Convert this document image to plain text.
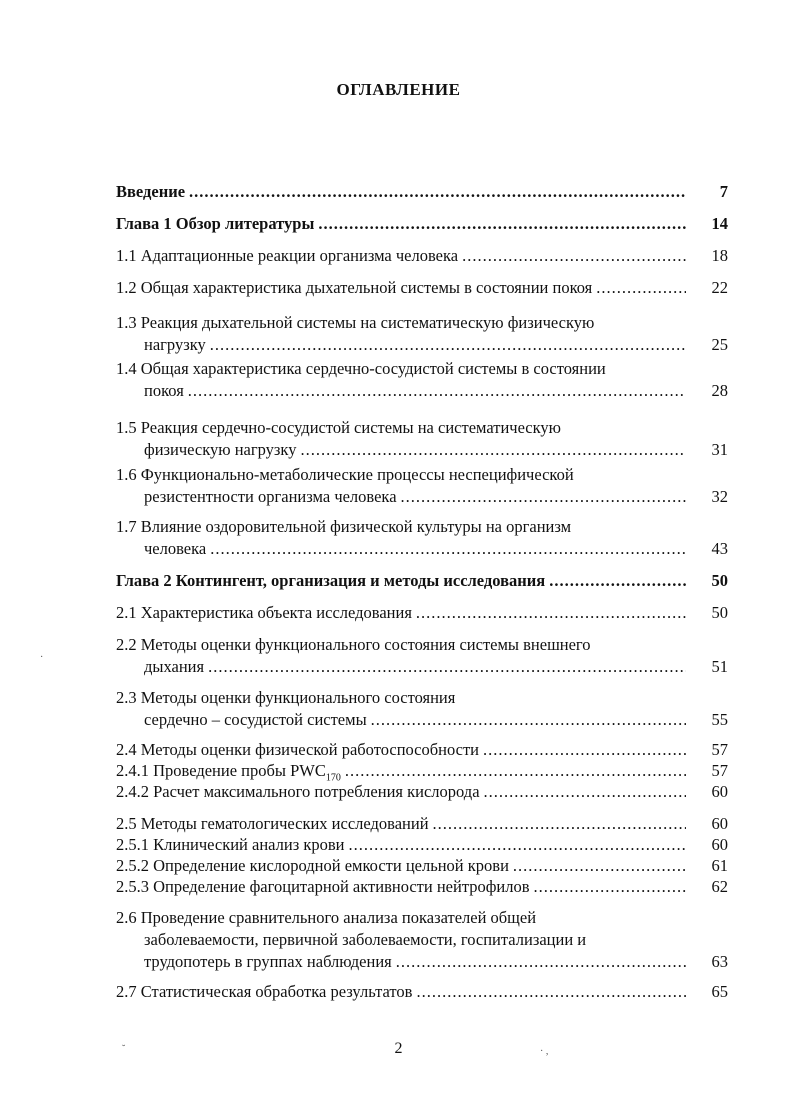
ОГЛАВЛЕНИЕ
Введение .....	7
Глава 1 Обзор литературы .....	14
1.1 Адаптационные реакции организма человека .....	18
1.2 Общая характеристика дыхательной системы в состоянии покоя .....	22
1.3 Реакция дыхательной системы на систематическую физическую
нагрузку .....	25
1.4 Общая характеристика сердечно-сосудистой системы в состоянии
покоя .....	28
1.5 Реакция сердечно-сосудистой системы на систематическую
физическую нагрузку .....	31
1.6 Функционально-метаболические процессы неспецифической
резистентности организма человека .....	32
1.7 Влияние оздоровительной физической культуры на организм
человека .....	43
Глава 2 Контингент, организация и методы исследования .....	50
2.1 Характеристика объекта исследования .....	50
2.2 Методы оценки функционального состояния системы внешнего
дыхания .....	51
2.3 Методы оценки функционального состояния
сердечно – сосудистой системы .....	55
2.4 Методы оценки физической работоспособности .....	57
2.4.1 Проведение пробы $PWC_{170}$ .....	57
2.4.2 Расчет максимального потребления кислорода .....	60
2.5 Методы гематологических исследований .....	60
2.5.1 Клинический анализ крови .....	60
2.5.2 Определение кислородной емкости цельной крови .....	61
2.5.3 Определение фагоцитарной активности нейтрофилов .....	62
2.6 Проведение сравнительного анализа показателей общей
заболеваемости, первичной заболеваемости, госпитализации и
трудопотерь в группах наблюдения .....	63
2.7 Статистическая обработка результатов .....	65
2
·
˘	· ,
